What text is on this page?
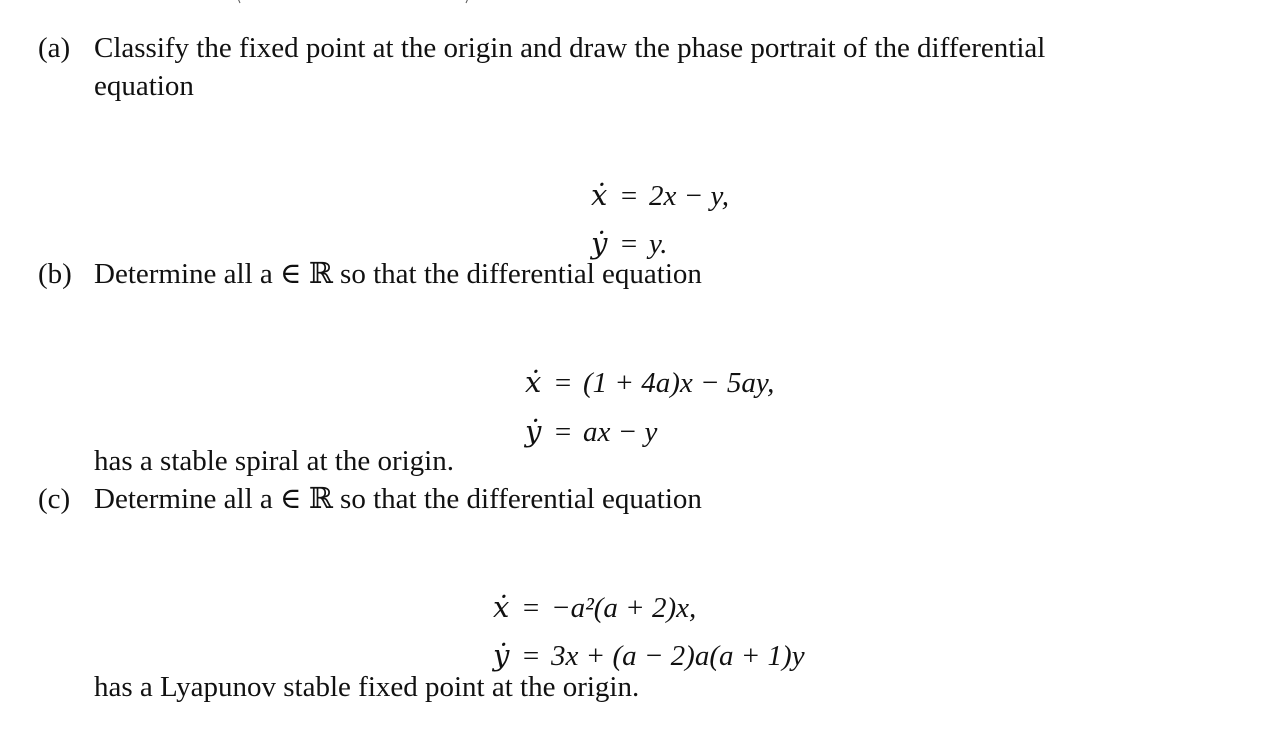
(a) Classify the fixed point at the origin and draw the phase portrait of the differential
equation

ẋ = 2x − y,

ẏ = y.

(b) Determine all a ∈ ℝ so that the differential equation

ẋ = (1 + 4a)x − 5ay,

ẏ = ax − y

has a stable spiral at the origin.
(c) Determine all a ∈ ℝ so that the differential equation

ẋ = −a²(a + 2)x,

ẏ = 3x + (a − 2)a(a + 1)y

has a Lyapunov stable fixed point at the origin.
